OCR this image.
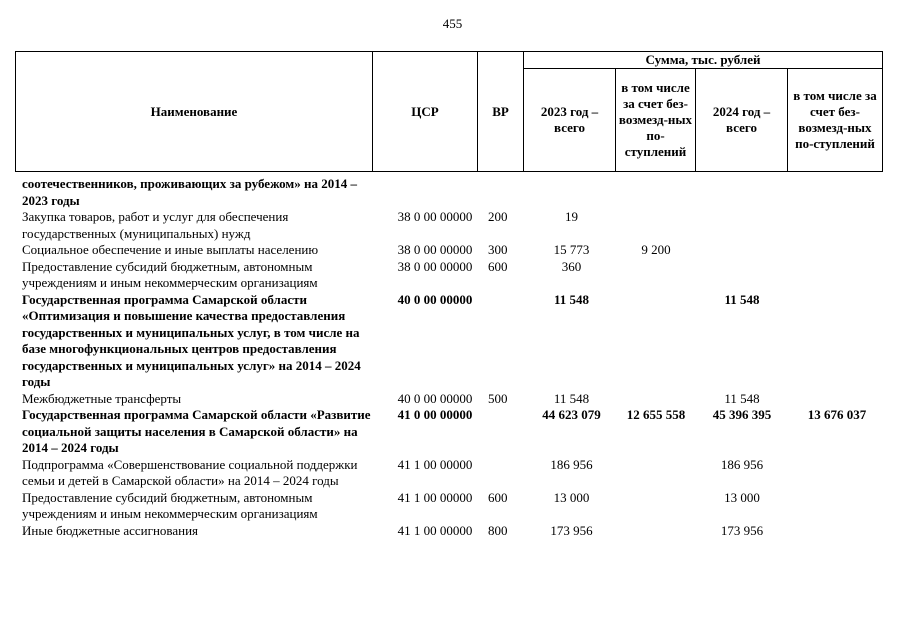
455
Наименование	ЦСР	ВР	Сумма, тыс. рублей			
			2023 год – всего	в том числе за счет без-возмезд-ных по-ступлений	2024 год – всего	в том числе за счет без-возмезд-ных по-ступлений
соотечественников, проживающих за рубежом» на 2014 – 2023 годы						
Закупка товаров, работ и услуг для обеспечения государственных (муниципальных) нужд	38 0 00 00000	200	19			
Социальное обеспечение и иные выплаты населению	38 0 00 00000	300	15 773	9 200		
Предоставление субсидий бюджетным, автономным учреждениям и иным некоммерческим организациям	38 0 00 00000	600	360			
Государственная программа Самарской области «Оптимизация и повышение качества предоставления государственных и муниципальных услуг, в том числе на базе многофункциональных центров предоставления государственных и муниципальных услуг» на 2014 – 2024 годы	40 0 00 00000		11 548		11 548	
Межбюджетные трансферты	40 0 00 00000	500	11 548		11 548	
Государственная программа Самарской области «Развитие социальной защиты населения в Самарской области» на 2014 – 2024 годы	41 0 00 00000		44 623 079	12 655 558	45 396 395	13 676 037
Подпрограмма «Совершенствование социальной поддержки семьи и детей в Самарской области» на 2014 – 2024 годы	41 1 00 00000		186 956		186 956	
Предоставление субсидий бюджетным, автономным учреждениям и иным некоммерческим организациям	41 1 00 00000	600	13 000		13 000	
Иные бюджетные ассигнования	41 1 00 00000	800	173 956		173 956	
